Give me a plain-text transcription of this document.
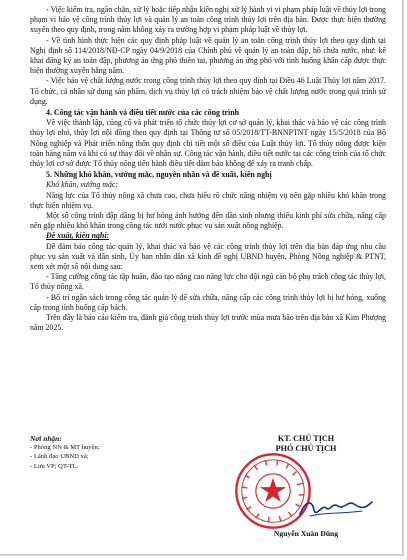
- Việc kiểm tra, ngăn chặn, xử lý hoặc tiếp nhận kiến nghị xử lý hành vi vi phạm pháp luật về thủy lợi trong phạm vi bảo vệ công trình thủy lợi và quản lý an toàn công trình thủy lợi trên địa bàn. Được thực hiện thường xuyên theo quy định, trong năm không xảy ra trường hợp vi phạm pháp luật về thủy lợi.

- Về tình hình thực hiện các quy định pháp luật về quản lý an toàn công trình thủy lợi theo quy định tại Nghị định số 114/2018/NĐ-CP ngày 04/9/2018 của Chính phủ về quản lý an toàn đập, hồ chứa nước, như: kê khai đăng ký an toàn đập, phương án ứng phó thiên tai, phương án ứng phó với tình huống khẩn cấp được thực hiện thường xuyên hằng năm.

- Việc bảo vệ chất lượng nước trong công trình thủy lợi theo quy định tại Điều 46 Luật Thủy lợi năm 2017. Tổ chức, cá nhân sử dụng sản phẩm, dịch vụ thủy lợi có trách nhiệm bảo vệ chất lượng nước trong quá trình sử dụng.

4. Công tác vận hành và điều tiết nước của các công trình

Về việc thành lập, củng cố và phát triển tổ chức thủy lợi cơ sở quản lý, khai thác và bảo vệ các công trình thủy lợi nhỏ, thủy lợi nội đồng theo quy định tại Thông tư số 05/2018/TT-BNNPTNT ngày 15/5/2018 của Bộ Nông nghiệp và Phát triển nông thôn quy định chi tiết một số điều của Luật thủy lợi. Tổ thủy nông được kiện toàn hàng năm và khi có sự thay đổi về nhân sự. Công tác vận hành, điều tiết nước tại các công trình của tổ chức thủy lợi cơ sở được Tổ thủy nông tiến hành điều tiết đảm bảo không để xảy ra tranh chấp.

5. Những khó khăn, vướng mắc, nguyên nhân và đề xuất, kiến nghị

Khó khăn, vướng mắc:

Năng lực của Tổ thủy nông xã chưa cao, chưa hiểu rõ chức năng nhiệm vụ nên gặp nhiều khó khăn trong thực hiện nhiệm vụ.

Một số công trình đập dâng bị hư hỏng ảnh hưởng đến dân sinh nhưng thiếu kinh phí sửa chữa, nâng cấp nên gặp nhiều khó khăn trong công tác tưới nước phục vụ sản xuất nông nghiệp.

Đề xuất, kiến nghị:

Để đảm bảo công tác quản lý, khai thác và bảo vệ các công trình thủy lợi trên địa bàn đáp ứng nhu cầu phục vụ sản xuất và dân sinh, Ủy ban nhân dân xã kính đề nghị UBND huyện, Phòng Nông nghiệp & PTNT, xem xét một số nội dung sau:

- Tăng cường công tác tập huấn, đào tạo nâng cao năng lực cho đội ngũ cán bộ phụ trách công tác thủy lợi, Tổ thủy nông xã.

- Bố trí ngân sách trong công tác quản lý để sửa chữa, nâng cấp các công trình thủy lợi bị hư hỏng, xuống cấp trong tình huống cấp bách.

Trên đây là báo cáo kiểm tra, đánh giá công trình thủy lợi trước mùa mưa bão trên địa bàn xã Kim Phượng năm 2025.

Nơi nhận:
- Phòng NN & MT huyện;
- Lãnh đạo UBND xã;
- Lưu VP; QT-TL.
KT. CHỦ TỊCH
PHÓ CHỦ TỊCH
Nguyễn Xuân Dũng
